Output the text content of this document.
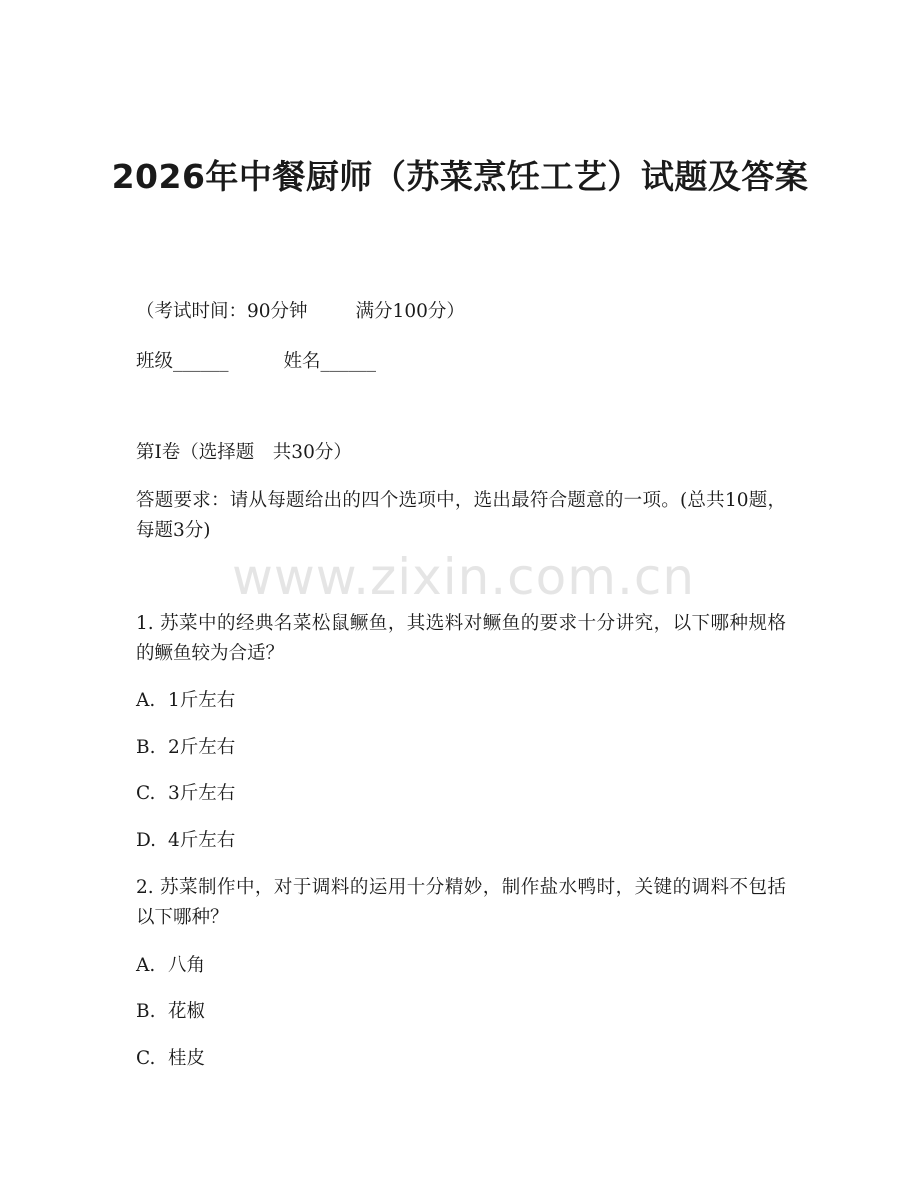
2026年中餐厨师（苏菜烹饪工艺）试题及答案

（考试时间：90分钟	满分100分）

班级______	姓名______

第I卷（选择题　共30分）

答题要求：请从每题给出的四个选项中，选出最符合题意的一项。(总共10题，每题3分)

www.zixin.com.cn

1. 苏菜中的经典名菜松鼠鳜鱼，其选料对鳜鱼的要求十分讲究，以下哪种规格的鳜鱼较为合适？

A. 1斤左右

B. 2斤左右

C. 3斤左右

D. 4斤左右

2. 苏菜制作中，对于调料的运用十分精妙，制作盐水鸭时，关键的调料不包括以下哪种？

A. 八角

B. 花椒

C. 桂皮
